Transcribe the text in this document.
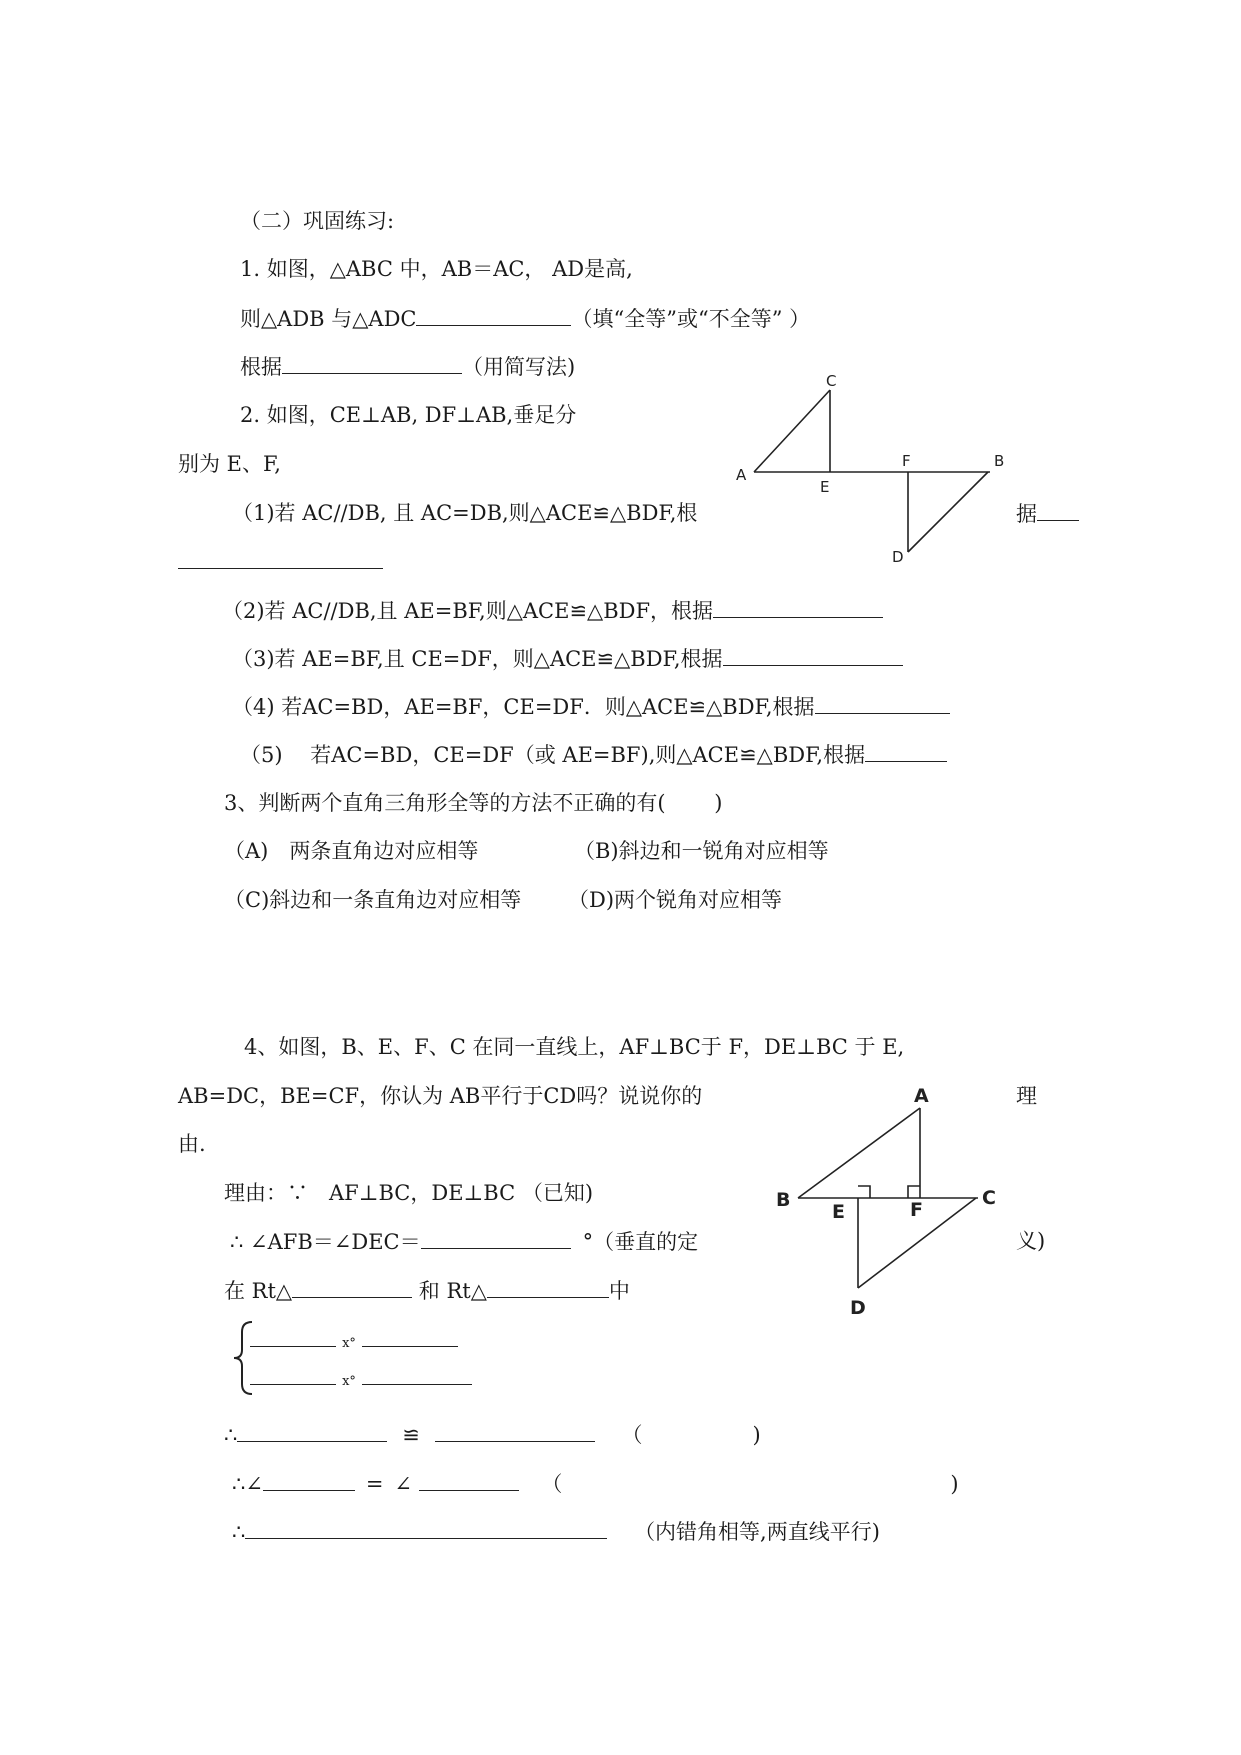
（二）巩固练习:
1. 如图，△ABC 中，AB＝AC， AD是高,
则△ADB 与△ADC	（填“全等”或“不全等” ）
根据	（用简写法)
2. 如图，CE⊥AB, DF⊥AB,垂足分
别为 E、F,
（1)若 AC//DB, 且 AC=DB,则△ACE≌△BDF,根	据
（2)若 AC//DB,且 AE=BF,则△ACE≌△BDF，根据
（3)若 AE=BF,且 CE=DF，则△ACE≌△BDF,根据
（4) 若AC=BD，AE=BF，CE=DF．则△ACE≌△BDF,根据
（5)　 若AC=BD，CE=DF（或 AE=BF),则△ACE≌△BDF,根据
A
B
C
E
F
D
3、判断两个直角三角形全等的方法不正确的有(　　 )
（A)　两条直角边对应相等	（B)斜边和一锐角对应相等
（C)斜边和一条直角边对应相等 （D)两个锐角对应相等
4、如图，B、E、F、C 在同一直线上，AF⊥BC于 F，DE⊥BC 于 E,
AB=DC，BE=CF，你认为 AB平行于CD吗？说说你的	理
由.
理由：∵　AF⊥BC，DE⊥BC （已知)
∴ ∠AFB＝∠DEC＝	°（垂直的定	义)
在 Rt△	和 Rt△	中
ⅹ°
ⅹ°
∴	≌	（	)
∴∠	= ∠	（	)
∴	（内错角相等,两直线平行)
A
B	C
E	F
D
